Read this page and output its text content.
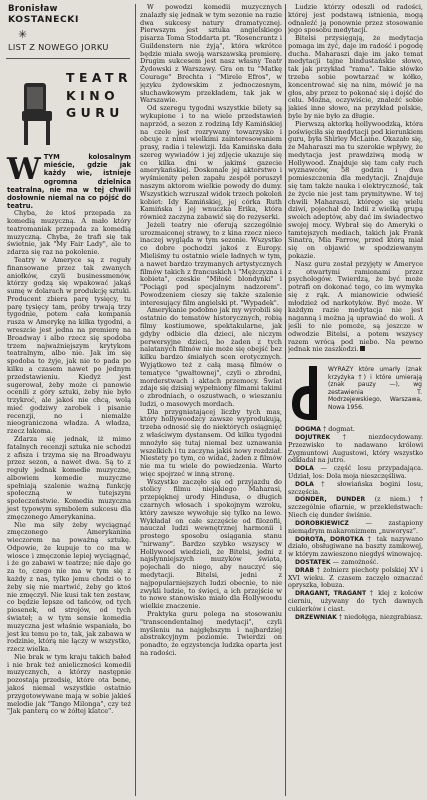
Bronisław
KOSTANECKI
✳
LIST Z NOWEGO JORKU
TEATR
KINO
GURU
WTYM kolosalnym mieście, gdzie jak każdy wie, istnieje ogromna dzielnica teatralna, nie ma w tej chwili dosłownie niemal na co pójść do teatru.

Chyba, że ktoś przepada za komedią muzyczną. A mało który teatromaniak przepada za komedią muzyczną. Chyba, że trafi się tak świetnie, jak "My Fair Lady", ale to zdarza się raz na pokolenie.

Teatry w Ameryce są z reguły finansowane przez tak zwanych aniołków, czyli businessmenów, którzy godzą się wpakować jakąś sumę w dolarach w produkcję sztuki. Producent zbiera parę tysięcy, tu parę tysięcy tam, próby trwają trzy tygodnie, potem cała kompania rusza w Amerykę na kilka tygodni, a wreszcie jest jedna na premierę na Broadway i albo rzecz się spodoba trzem najważniejszym krytykom teatralnym, albo nie. Jak im się spodoba to żyje, jak nie to pada po kilku a czasem nawet po jednym przedstawieniu. Kiedyż jest sugerował, żeby może ci panowie ocenili z góry sztuki, żeby nie było trzykroć, ale jakoś nie chcą, wolą mieć godziwy zarobek i pisanie recenzji, no i niemalże nieograniczona władza. A władza, rzecz łakoma.

Zdarza się jednak, iż mimo fatalnych recenzji sztuka nie schodzi z afisza i trzyma się na Broadwayu przez sezon, a nawet dwa. Są to z reguły jednak komedie muzyczne, albowiem komedie muzyczne spełniają szalenie ważną funkcję społeczną w tutejszym społeczeństwie. Komedia muzyczna jest typowym symbolem sukcesu dla zmęczonego Amerykanina.

Nie ma siły żeby wyciągnąć zmęczonego Amerykanina wieczorem na poważną sztukę. Odpowie, że kupuje to co ma w wiosce i zmęczonie lepiej wyciągnąć, i że go zabawi w teatrze; nie daje go za to, czego nie ma w tym się z każdy z nas, tylko jemu chodzi o to żeby się nie martwić, żeby go ktoś nie zmęczył. Nie kusi tak ten zestaw, co będzie lepsze od tańców, od tych piosenek, od strojów, od tych świateł; a w tym sensie komedia muzyczna jest właśnie wspaniała, bo jest ku temu po to, tak, jak zabawa w rodzinie, którą nie łączy w wszystko, rzecz wielka.

Nie brak w tym kraju takich bałed i nie brak też anieliczności komedii muzycznych, a którzy następnie pozostają przedsię, które ota bene, jakoś niemal wszystkie ostatnio przygotowywane mają w sobie jakieś melodie jak "Tango Milonga", czy też "Jak panterą co w żółtej klatce".

W powodzi komedii muzycznych znalazły się jednak w tym sezonie na razie dwa sukcesy natury dramatycznej. Pierwszym jest sztuka angielskiego pisarza Toma Stoddarta pt. "Rosencrantz i Guildenstern nie żyją", która wkrótce będzie miała swoją warszawską premierę. Drugim sukcesem jest nasz własny Teatr Żydowski z Warszawy. Gra on tu "Matkę Courage" Brechta i "Mirele Efros", w języku żydowskim z jednoczesnym, słuchawkowym przekładem, tak jak w Warszawie.

Od szeregu tygodni wszystkie bilety są wykupione i to na wiele przedstawień naprzód, a sezon z rodziną Idy Kamińskiej na czele jest rozrywany towarzysko i obcuje z nimi wielkimi zainteresowaniem prasy, radia i telewizji. Ida Kamińska dała szereg wywiadów i jej zdjęcie ukazuje się co kilka dni w jakimś gazecie amerykańskiej. Doskonale jej aktorstwo i wyśmienity pełen zapału zespół poruszył naszym aktorom wielkie powody do dumy. Wszystkich wzruszał widok trzech pokoleń kobiet: Idy Kamińskiej, jej córka Ruth Kamińska i jej wnuczka Erika, która również zaczyna zabawić się do rezyserki.

Jeżeli teatry nie oferują szczególnie urozmaiconej strawy, to z kina rzecz nieco inaczej wygląda w tym sezonie. Wszystko co dobre pochodzi jakoś z Europy. Mieliśmy tu ostatnio wiele ładnych w tym, a nawet bardzo trzymanych artystycznych filmów takich z francuskich i "Mężczyzna i kobieta", czeskie "Miłość blondynki" i "Pociągi pod specjalnym nadzorem". Powodzeniem cieszy się także szalenie interesujący film angielski pt. "Wypadek".

Amerykanie podobno jak my wyrobili się ostatnio do tematów historycznych, robią filmy kostiumowe, spektakularne, jak gdyby odbicie dla dzieci, ale niczym perwersyjne dzieci, bo żaden z tych nalatanych filmów nie może się obejść bez kilku bardzo śmiałych scen erotycznych. Wyjątkowo też z całą masą filmów o tematyce "gwałtownej", czyli o zbrodni, morderstwach i aktach przemocy. Świat zdaje się dzisiaj wypełniony filmami takimi o zbrodniach, o oszustwach, o wieszaniu ludzi, o masowych mordach.

Dla przygniatającej liczby tych mas, który hollywoodzcy zawsze wyprodukują, trzeba odnosić się do niektórych osiągnięć z właściwym dystansem. Od kilku tygodni mnożyło się tutaj niemal bez uznawania wszelkich i tu zaczyna jakiś nowy rozdział. Niestety po tym, co widać, żaden z filmów nie ma tu wiele do powiedzenia. Warto więc spojrzeć w inną stronę.

Wszystko zaczęło się od przyjazdu do stolicy filmu niejakiego Maharasi, przepięknej urody Hindusa, o długich czarnych włosach i spokojnym wzroku, który zawsze wywołuje się tylko na lewo. Wykładał on całe szczęście od filozofii, nauczał ludzi wewnętrznej harmonii i prostego sposobu osiągania stanu "nirwany". Bardzo szybko wszyscy w Hollywood wiedzieli, że Bitelsi, jedni z najsłynniejszych muzyków świata, pojechali do niego, aby nauczyć się medytacji. Bitelsi, jedni z najpopularniejszych ludzi obecnie, to nie zwykli ludzie, to święci, a ich przejście w to nowe stanowisko miało dla Hollywoodu wielkie znaczenie.

Praktyka guru polega na stosowaniu "transcendentalnej medytacji", czyli myśleniu na najgłębszym i najbardziej abstrakcyjnym poziomie. Twierdzi on ponadto, że egzystencja ludzka oparta jest na radości.

Ludzie którzy odeszli od radości, której jest podstawą istnienia, mogą odnaleźć ją ponownie przez stosowanie jego sposobu medytacji.

Bitelsi przysięgają, że medytacja pomaga im żyć, daje im radość i pogodę ducha. Maharaszi daje im jako temat medytacji tajne bindustańskie słowo, tak jak przykład "rama". Takie słówko trzeba sobie powtarzać w kółko, koncentrować się na nim, mówić je na głos, aby przez to pokonać się i dojść do celu. Można, oczywiście, znaleźć sobie jakieś inne słowo, na przykład polskie, byle by nie było za długie.

Pierwszą aktorką hollywoodzką, która poświęciła się medytacji pod kierunkiem guru, była Shirley McLaine. Okazało się, że Maharaszi ma tu szerokie wpływy, że medytacja jest prawdziwą modą w Hollywood. Znajduje się tam cały ruch wyznawców, 58 godzin i dwa pomieszczenia dla medytacji. Znajduje się tam także nauka i elektryczność, tak że życie nie jest tam prymitywne. W tej chwili Maharaszi, którego się wielu dziwi, pojechał do Indii z wielką grupą swoich adeptów, aby dać im świadectwo swojej mocy. Wybrał się do Ameryki o tamtejszych mediach, takich jak Frank Sinatra, Mia Farrow, przed którą miał się on objawić w spodziewanym pokazie.

Nasz guru został przyjęty w Ameryce z otwartymi ramionami przez psychologów. Twierdzą, że być może potrafi on dokonać tego, co im wymyka się z rąk. A mianowicie odwieść młodzież od narkotyków. Być może. W każdym razie medytacja nie jest naganną i można ją uprawiać do woli. A jeśli to nie pomoże, są jeszcze w odwodzie Bitelsi, a potem wszyscy razem wrócą pod niebo. Na pewno jednak nie zaszkodzi.

WYRAZY które umarły (znak krzyżyka †) i które umierają (znak pauzy —), wg zestawienia T. Modrzejewskiego, Warszawa, Nowa 1956.

DOGMA † dogmat.

DOJUTREK † niezdecydowany. Przezwisko to nadawano królowi Zygmuntowi Augustowi, który wszystko odkładał na jutro.

DOLA — część losu przypadająca. Udział, los: Dola moja nieszczęśliwa.

DOLA † słowiańska bogini losu, szczęścia.

DONDER, DUNDER (z niem.) † szczególnie ofiarnie, w przekleństwach: Niech cię dunder świśnie.

DOROBKIEWICZ	— zastąpiony niemądrym makaronizmem „nuworysz”.

DOROTA, DOROTKA † tak nazywano działo, obsługiwane na baszty zamkowej, w którym zawieszono niegdyś winowajcę.

DOSTATEK — zamożność.

DRAB † żołnierz piechoty polskiej XV i XVI wieku. Z czasem zaczęło oznaczać opryszka, łobuza.

DRAGANT, TRAGANT † klej z kolców cierniu, używany do tych dawnych cukierków i ciast.

DRZEWNIAK † niedołęga, niezgrabiasz.
